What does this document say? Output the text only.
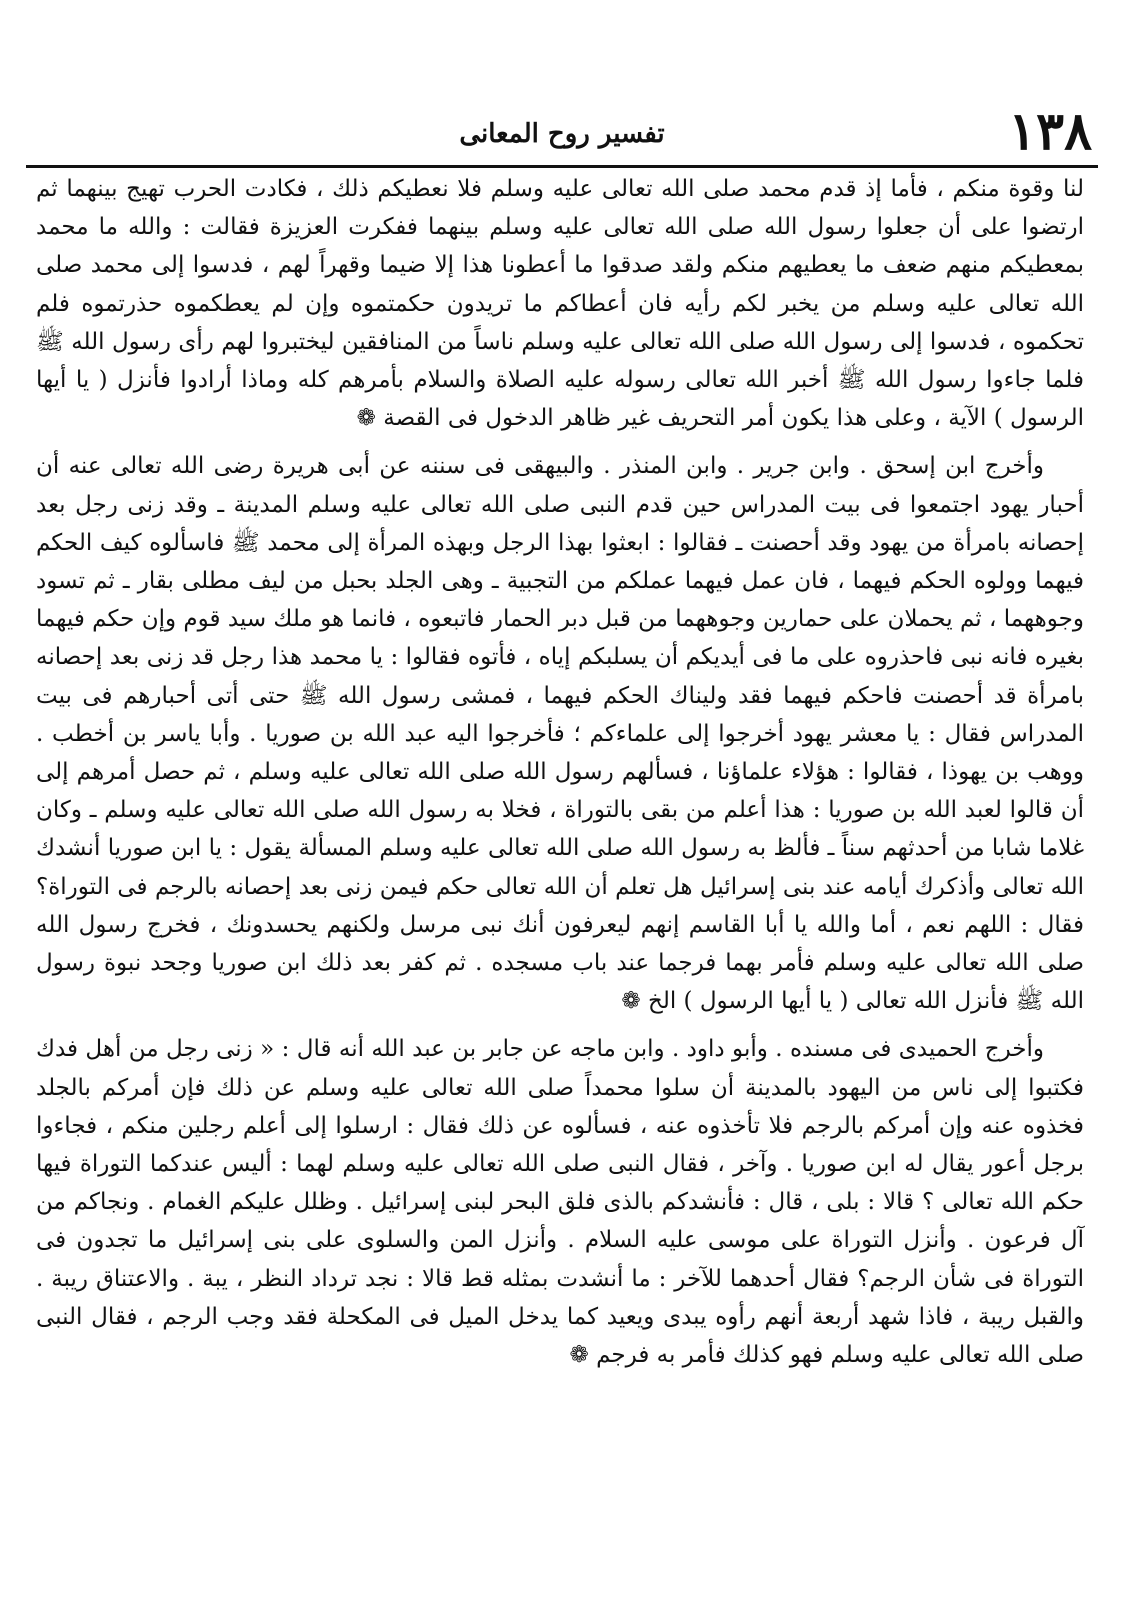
١٣٨
تفسير روح المعانى

لنا وقوة منكم ، فأما إذ قدم محمد صلى الله تعالى عليه وسلم فلا نعطيكم ذلك ، فكادت الحرب تهيج بينهما ثم ارتضوا على أن جعلوا رسول الله صلى الله تعالى عليه وسلم بينهما ففكرت العزيزة فقالت : والله ما محمد بمعطيكم منهم ضعف ما يعطيهم منكم ولقد صدقوا ما أعطونا هذا إلا ضيما وقهراً لهم ، فدسوا إلى محمد صلى الله تعالى عليه وسلم من يخبر لكم رأيه فان أعطاكم ما تريدون حكمتموه وإن لم يعطكموه حذرتموه فلم تحكموه ، فدسوا إلى رسول الله صلى الله تعالى عليه وسلم ناساً من المنافقين ليختبروا لهم رأى رسول الله ﷺ فلما جاءوا رسول الله ﷺ أخبر الله تعالى رسوله عليه الصلاة والسلام بأمرهم كله وماذا أرادوا فأنزل ( يا أيها الرسول ) الآية ، وعلى هذا يكون أمر التحريف غير ظاهر الدخول فى القصة ❁

وأخرج ابن إسحق . وابن جرير . وابن المنذر . والبيهقى فى سننه عن أبى هريرة رضى الله تعالى عنه أن أحبار يهود اجتمعوا فى بيت المدراس حين قدم النبى صلى الله تعالى عليه وسلم المدينة ـ وقد زنى رجل بعد إحصانه بامرأة من يهود وقد أحصنت ـ فقالوا : ابعثوا بهذا الرجل وبهذه المرأة إلى محمد ﷺ فاسألوه كيف الحكم فيهما وولوه الحكم فيهما ، فان عمل فيهما عملكم من التجبية ـ وهى الجلد بحبل من ليف مطلى بقار ـ ثم تسود وجوههما ، ثم يحملان على حمارين وجوههما من قبل دبر الحمار فاتبعوه ، فانما هو ملك سيد قوم وإن حكم فيهما بغيره فانه نبى فاحذروه على ما فى أيديكم أن يسلبكم إياه ، فأتوه فقالوا : يا محمد هذا رجل قد زنى بعد إحصانه بامرأة قد أحصنت فاحكم فيهما فقد وليناك الحكم فيهما ، فمشى رسول الله ﷺ حتى أتى أحبارهم فى بيت المدراس فقال : يا معشر يهود أخرجوا إلى علماءكم ؛ فأخرجوا اليه عبد الله بن صوريا . وأبا ياسر بن أخطب . ووهب بن يهوذا ، فقالوا : هؤلاء علماؤنا ، فسألهم رسول الله صلى الله تعالى عليه وسلم ، ثم حصل أمرهم إلى أن قالوا لعبد الله بن صوريا : هذا أعلم من بقى بالتوراة ، فخلا به رسول الله صلى الله تعالى عليه وسلم ـ وكان غلاما شابا من أحدثهم سناً ـ فألظ به رسول الله صلى الله تعالى عليه وسلم المسألة يقول : يا ابن صوريا أنشدك الله تعالى وأذكرك أيامه عند بنى إسرائيل هل تعلم أن الله تعالى حكم فيمن زنى بعد إحصانه بالرجم فى التوراة؟ فقال : اللهم نعم ، أما والله يا أبا القاسم إنهم ليعرفون أنك نبى مرسل ولكنهم يحسدونك ، فخرج رسول الله صلى الله تعالى عليه وسلم فأمر بهما فرجما عند باب مسجده . ثم كفر بعد ذلك ابن صوريا وجحد نبوة رسول الله ﷺ فأنزل الله تعالى ( يا أيها الرسول ) الخ ❁

وأخرج الحميدى فى مسنده . وأبو داود . وابن ماجه عن جابر بن عبد الله أنه قال : « زنى رجل من أهل فدك فكتبوا إلى ناس من اليهود بالمدينة أن سلوا محمداً صلى الله تعالى عليه وسلم عن ذلك فإن أمركم بالجلد فخذوه عنه وإن أمركم بالرجم فلا تأخذوه عنه ، فسألوه عن ذلك فقال : ارسلوا إلى أعلم رجلين منكم ، فجاءوا برجل أعور يقال له ابن صوريا . وآخر ، فقال النبى صلى الله تعالى عليه وسلم لهما : أليس عندكما التوراة فيها حكم الله تعالى ؟ قالا : بلى ، قال : فأنشدكم بالذى فلق البحر لبنى إسرائيل . وظلل عليكم الغمام . ونجاكم من آل فرعون . وأنزل التوراة على موسى عليه السلام . وأنزل المن والسلوى على بنى إسرائيل ما تجدون فى التوراة فى شأن الرجم؟ فقال أحدهما للآخر : ما أنشدت بمثله قط قالا : نجد ترداد النظر ، يبة . والاعتناق ريبة . والقبل ريبة ، فاذا شهد أربعة أنهم رأوه يبدى ويعيد كما يدخل الميل فى المكحلة فقد وجب الرجم ، فقال النبى صلى الله تعالى عليه وسلم فهو كذلك فأمر به فرجم ❁
